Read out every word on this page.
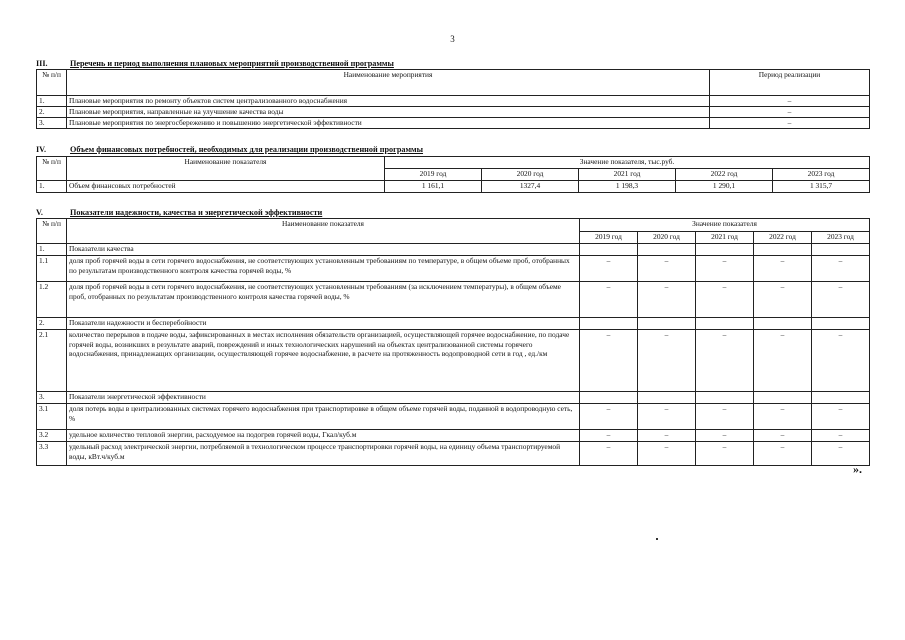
3
III.	Перечень и период выполнения плановых мероприятий производственной программы
№ п/п	Наименование мероприятия	Период реализации
1.	Плановые мероприятия по ремонту объектов систем централизованного водоснабжения	–
2.	Плановые мероприятия, направленные на улучшение качества воды	–
3.	Плановые мероприятия по энергосбережению и повышению энергетической эффективности	–
IV.	Объем финансовых потребностей, необходимых для реализации производственной программы
№ п/п	Наименование показателя	Значение показателя, тыс.руб.				
		2019 год	2020 год	2021 год	2022 год	2023 год
1.	Объем финансовых потребностей	1 161,1	1327,4	1 198,3	1 290,1	1 315,7
V.	Показатели надежности, качества и энергетической эффективности
№ п/п	Наименование показателя	Значение показателя				
		2019 год	2020 год	2021 год	2022 год	2023 год
1.	Показатели качества					
1.1	доля проб горячей воды в сети горячего водоснабжения, не соответствующих установленным требованиям по температуре, в общем объеме проб, отобранных по результатам производственного контроля качества горячей воды, %	–	–	–	–	–
1.2	доля проб горячей воды в сети горячего водоснабжения, не соответствующих установленным требованиям (за исключением температуры), в общем объеме проб, отобранных по результатам производственного контроля качества горячей воды, %	–	–	–	–	–
2.	Показатели надежности и бесперебойности					
2.1	количество перерывов в подаче воды, зафиксированных в местах исполнения обязательств организацией, осуществляющей горячее водоснабжение, по подаче горячей воды, возникших в результате аварий, повреждений и иных технологических нарушений на объектах централизованной системы горячего водоснабжения, принадлежащих организации, осуществляющей горячее водоснабжение, в расчете на протяженность водопроводной сети в год , ед./км	–	–	–	–	–
3.	Показатели энергетической эффективности					
3.1	доля потерь воды в централизованных системах горячего водоснабжения при транспортировке в общем объеме горячей воды, поданной в водопроводную сеть, %	–	–	–	–	–
3.2	удельное количество тепловой энергии, расходуемое на подогрев горячей воды, Гкал/куб.м	–	–	–	–	–
3.3	удельный расход электрической энергии, потребляемой в технологическом процессе транспортировки горячей воды, на единицу объема транспортируемой воды, кВт.ч/куб.м	–	–	–	–	–
».
